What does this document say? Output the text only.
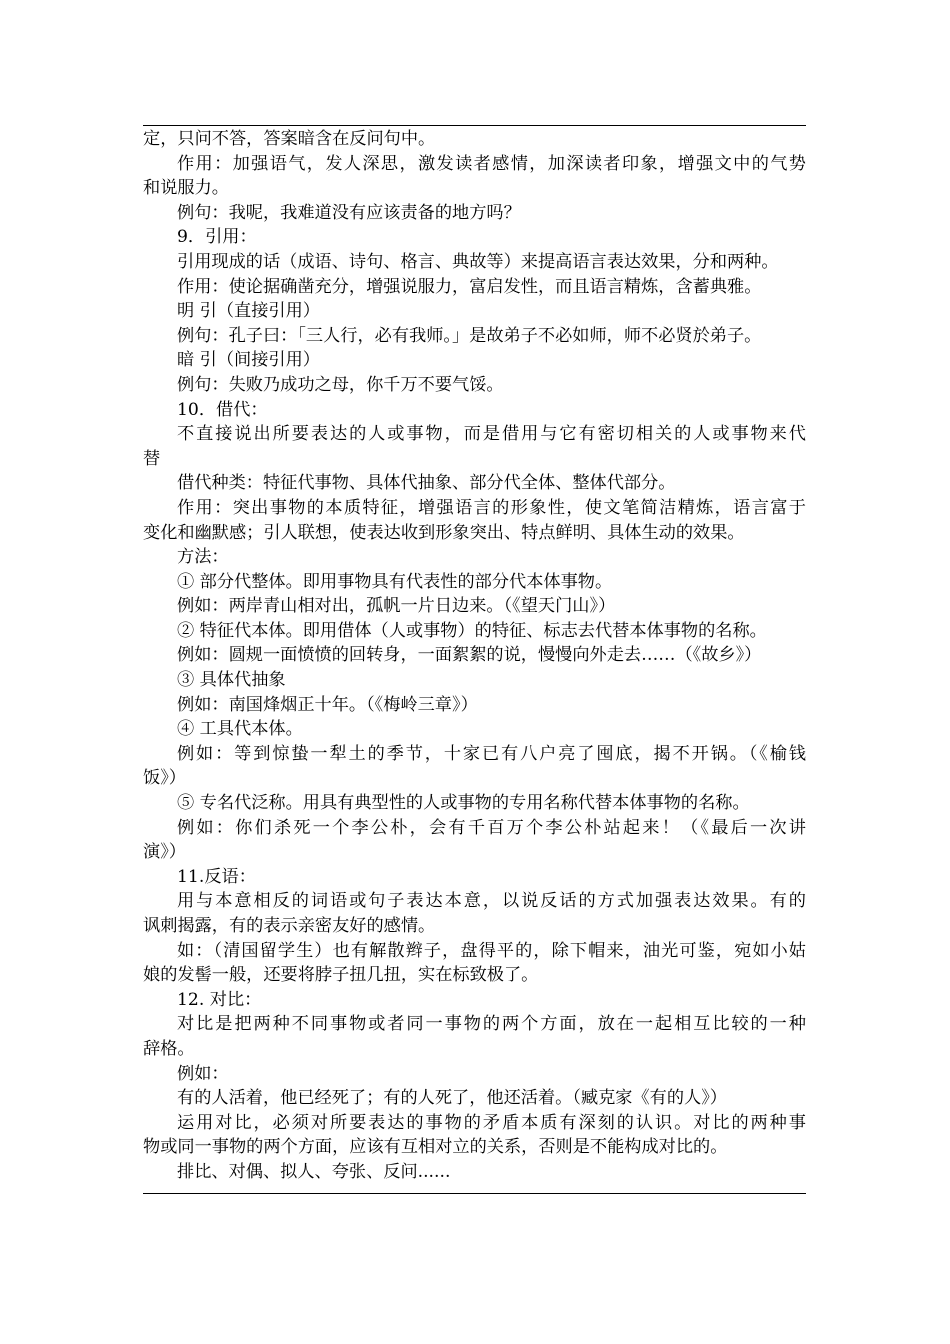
定，只问不答，答案暗含在反问句中。
作用：加强语气，发人深思，激发读者感情，加深读者印象，增强文中的气势
和说服力。
例句：我呢，我难道没有应该责备的地方吗？
9．引用：
引用现成的话（成语、诗句、格言、典故等）来提高语言表达效果，分和两种。
作用：使论据确凿充分，增强说服力，富启发性，而且语言精炼，含蓄典雅。
明 引（直接引用）
例句：孔子曰：「三人行，必有我师。」是故弟子不必如师，师不必贤於弟子。
暗 引（间接引用）
例句：失败乃成功之母，你千万不要气馁。
10．借代：
不直接说出所要表达的人或事物，而是借用与它有密切相关的人或事物来代
替
借代种类：特征代事物、具体代抽象、部分代全体、整体代部分。
作用：突出事物的本质特征，增强语言的形象性，使文笔简洁精炼，语言富于
变化和幽默感；引人联想，使表达收到形象突出、特点鲜明、具体生动的效果。
方法：
① 部分代整体。即用事物具有代表性的部分代本体事物。
例如：两岸青山相对出，孤帆一片日边来。（《望天门山》）
② 特征代本体。即用借体（人或事物）的特征、标志去代替本体事物的名称。
例如：圆规一面愤愤的回转身，一面絮絮的说，慢慢向外走去……（《故乡》）
③ 具体代抽象
例如：南国烽烟正十年。（《梅岭三章》）
④ 工具代本体。
例如：等到惊蛰一犁土的季节，十家已有八户亮了囤底，揭不开锅。（《榆钱
饭》）
⑤ 专名代泛称。用具有典型性的人或事物的专用名称代替本体事物的名称。
例如：你们杀死一个李公朴，会有千百万个李公朴站起来！（《最后一次讲
演》）
11.反语：
用与本意相反的词语或句子表达本意，以说反话的方式加强表达效果。有的
讽刺揭露，有的表示亲密友好的感情。
如：（清国留学生）也有解散辫子，盘得平的，除下帽来，油光可鉴，宛如小姑
娘的发髻一般，还要将脖子扭几扭，实在标致极了。
12. 对比：
对比是把两种不同事物或者同一事物的两个方面，放在一起相互比较的一种
辞格。
例如：
有的人活着，他已经死了；有的人死了，他还活着。（臧克家《有的人》）
运用对比，必须对所要表达的事物的矛盾本质有深刻的认识。对比的两种事
物或同一事物的两个方面，应该有互相对立的关系，否则是不能构成对比的。
排比、对偶、拟人、夸张、反问......
